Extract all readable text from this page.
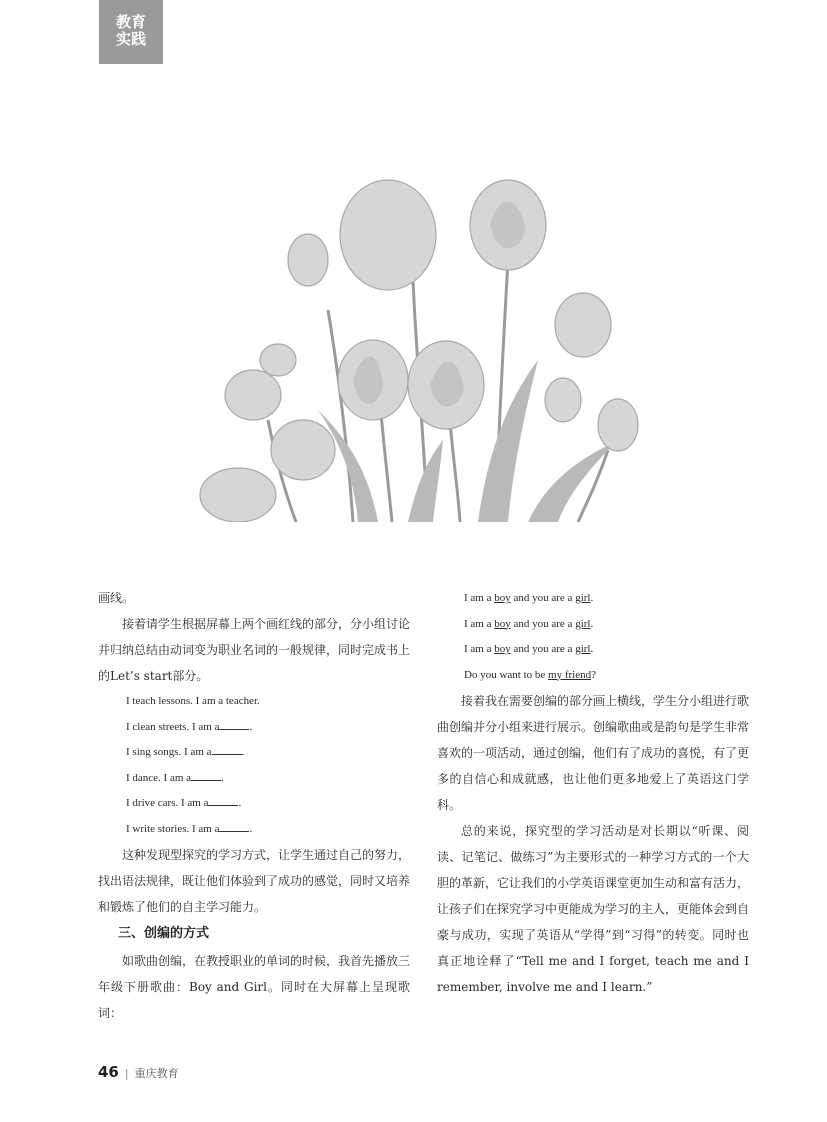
教育
实践

画线。

接着请学生根据屏幕上两个画红线的部分，分小组讨论并归纳总结由动词变为职业名词的一般规律，同时完成书上的Let’s start部分。

I teach lessons. I am a teacher.

I clean streets. I am a	.

I sing songs. I am a	.

I dance. I am a	.

I drive cars. I am a	.

I write stories. I am a	.

这种发现型探究的学习方式，让学生通过自己的努力，找出语法规律，既让他们体验到了成功的感觉，同时又培养和锻炼了他们的自主学习能力。

三、创编的方式

如歌曲创编，在教授职业的单词的时候，我首先播放三年级下册歌曲：Boy and Girl。同时在大屏幕上呈现歌词：

I am a boy and you are a girl.

I am a boy and you are a girl.

I am a boy and you are a girl.

Do you want to be my friend?

接着我在需要创编的部分画上横线，学生分小组进行歌曲创编并分小组来进行展示。创编歌曲或是韵句是学生非常喜欢的一项活动，通过创编，他们有了成功的喜悦，有了更多的自信心和成就感，也让他们更多地爱上了英语这门学科。

总的来说，探究型的学习活动是对长期以“听课、阅读、记笔记、做练习”为主要形式的一种学习方式的一个大胆的革新，它让我们的小学英语课堂更加生动和富有活力，让孩子们在探究学习中更能成为学习的主人，更能体会到自豪与成功，实现了英语从“学得”到“习得”的转变。同时也真正地诠释了“Tell me and I forget, teach me and I remember, involve me and I learn.”

46 | 重庆教育
